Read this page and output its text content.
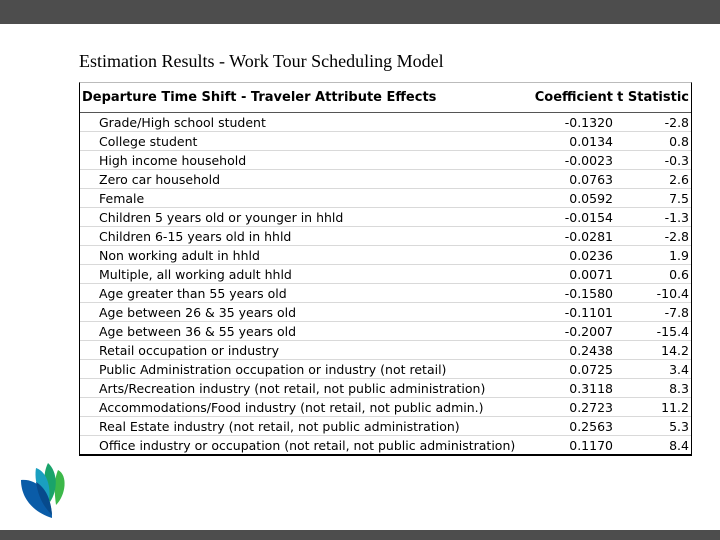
Estimation Results - Work Tour Scheduling Model
Departure Time Shift - Traveler Attribute Effects	Coefficient t Statistic
Grade/High school student	-0.1320	-2.8
College student	0.0134	0.8
High income household	-0.0023	-0.3
Zero car household	0.0763	2.6
Female	0.0592	7.5
Children 5 years old or younger in hhld	-0.0154	-1.3
Children 6-15 years old in hhld	-0.0281	-2.8
Non working adult in hhld	0.0236	1.9
Multiple, all working adult hhld	0.0071	0.6
Age greater than 55 years old	-0.1580	-10.4
Age between 26 & 35 years old	-0.1101	-7.8
Age between 36 & 55 years old	-0.2007	-15.4
Retail occupation or industry	0.2438	14.2
Public Administration occupation or industry (not retail)	0.0725	3.4
Arts/Recreation industry (not retail, not public administration)	0.3118	8.3
Accommodations/Food industry (not retail, not public admin.)	0.2723	11.2
Real Estate industry (not retail, not public administration)	0.2563	5.3
Office industry or occupation (not retail, not public administration)	0.1170	8.4
